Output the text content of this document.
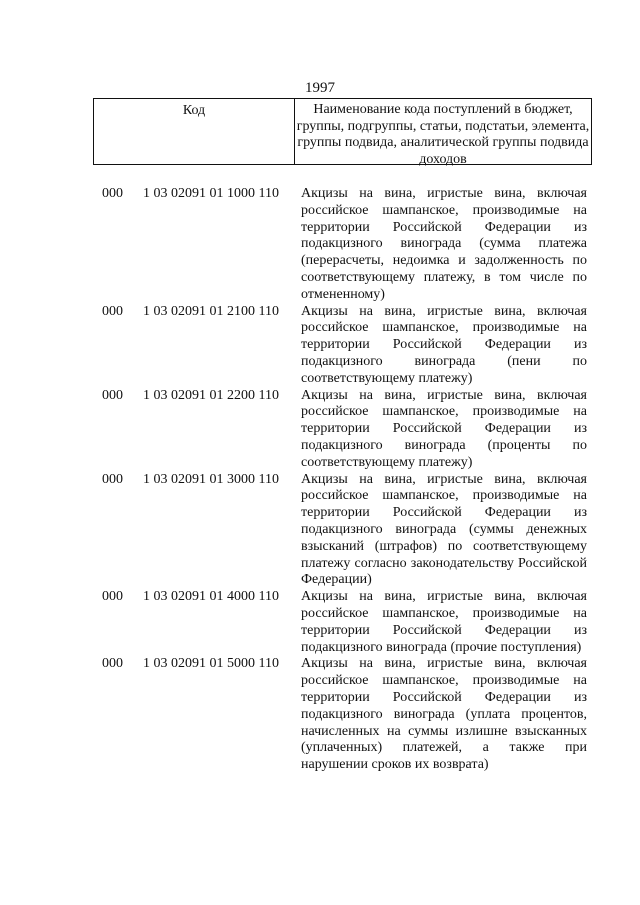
1997
Код	Наименование кода поступлений в бюджет, группы, подгруппы, статьи, подстатьи, элемента, группы подвида, аналитической группы подвида доходов
000 1 03 02091 01 1000 110 Акцизы на вина, игристые вина, включая российское шампанское, производимые на территории Российской Федерации из подакцизного винограда (сумма платежа (перерасчеты, недоимка и задолженность по соответствующему платежу, в том числе по отмененному)
000 1 03 02091 01 2100 110 Акцизы на вина, игристые вина, включая российское шампанское, производимые на территории Российской Федерации из подакцизного винограда (пени по соответствующему платежу)
000 1 03 02091 01 2200 110 Акцизы на вина, игристые вина, включая российское шампанское, производимые на территории Российской Федерации из подакцизного винограда (проценты по соответствующему платежу)
000 1 03 02091 01 3000 110 Акцизы на вина, игристые вина, включая российское шампанское, производимые на территории Российской Федерации из подакцизного винограда (суммы денежных взысканий (штрафов) по соответствующему платежу согласно законодательству Российской Федерации)
000 1 03 02091 01 4000 110 Акцизы на вина, игристые вина, включая российское шампанское, производимые на территории Российской Федерации из подакцизного винограда (прочие поступления)
000 1 03 02091 01 5000 110 Акцизы на вина, игристые вина, включая российское шампанское, производимые на территории Российской Федерации из подакцизного винограда (уплата процентов, начисленных на суммы излишне взысканных (уплаченных) платежей, а также при нарушении сроков их возврата)
